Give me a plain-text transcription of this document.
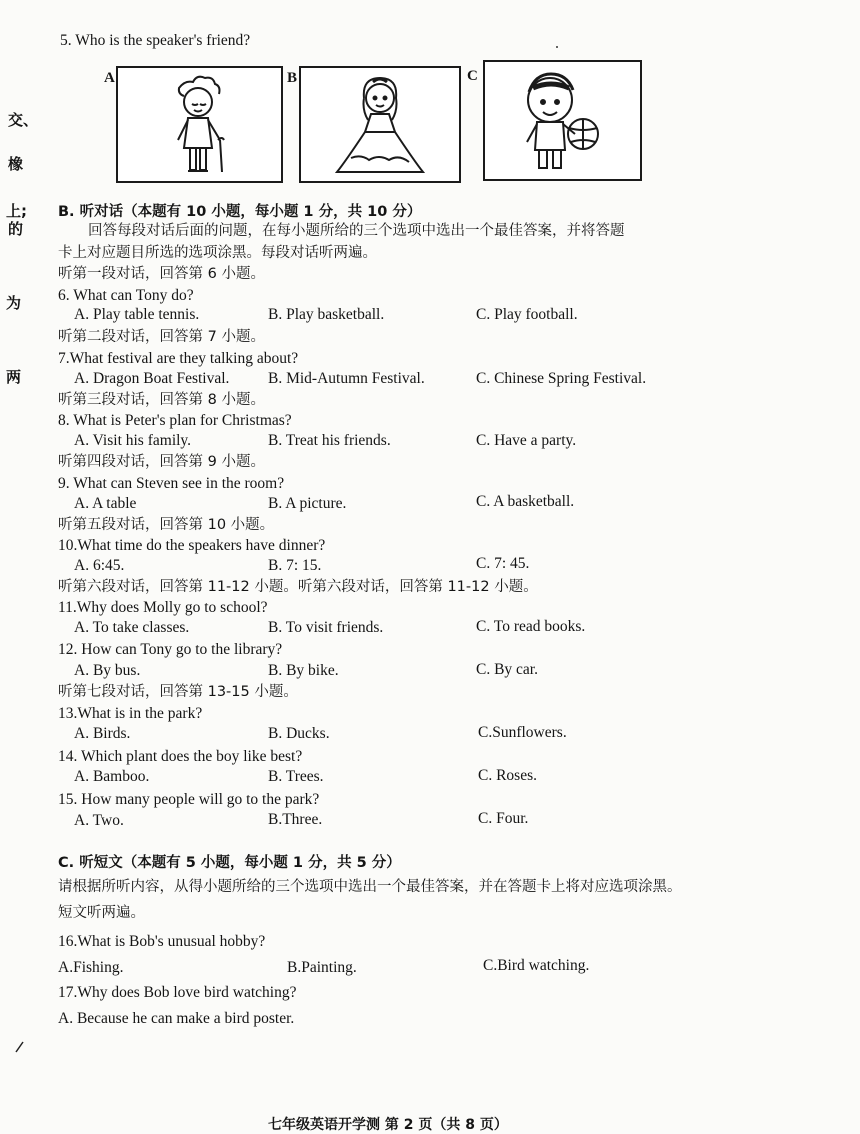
交、
橡
上;
的
为
两
5. Who is the speaker's friend?
A	B	C
B. 听对话（本题有 10 小题，每小题 1 分，共 10 分）
回答每段对话后面的问题，在每小题所给的三个选项中选出一个最佳答案，并将答题
卡上对应题目所选的选项涂黑。每段对话听两遍。
听第一段对话，回答第 6 小题。
6. What can Tony do?
A. Play table tennis.	B. Play basketball.	C. Play football.
听第二段对话，回答第 7 小题。
7.What festival are they talking about?
A. Dragon Boat Festival. B. Mid-Autumn Festival.	C. Chinese Spring Festival.
听第三段对话，回答第 8 小题。
8. What is Peter's plan for Christmas?
A. Visit his family.	B. Treat his friends.	C. Have a party.
听第四段对话，回答第 9 小题。
9. What can Steven see in the room?
A. A table	B. A picture.	C. A basketball.
听第五段对话，回答第 10 小题。
10.What time do the speakers have dinner?
A. 6:45.	B. 7: 15.	C. 7: 45.
听第六段对话，回答第 11-12 小题。听第六段对话，回答第 11-12 小题。
11.Why does Molly go to school?
A. To take classes.	B. To visit friends.	C. To read books.
12. How can Tony go to the library?
A. By bus.	B. By bike.	C. By car.
听第七段对话，回答第 13-15 小题。
13.What is in the park?
A. Birds.	B. Ducks.	C.Sunflowers.
14. Which plant does the boy like best?
A. Bamboo.	B. Trees.	C. Roses.
15. How many people will go to the park?
A. Two.	B.Three.	C. Four.
C. 听短文（本题有 5 小题，每小题 1 分，共 5 分）
请根据所听内容，从得小题所给的三个选项中选出一个最佳答案，并在答题卡上将对应选项涂黑。
短文听两遍。
16.What is Bob's unusual hobby?
A.Fishing.	B.Painting.	C.Bird watching.
17.Why does Bob love bird watching?
A. Because he can make a bird poster.
七年级英语开学测 第 2 页（共 8 页）
